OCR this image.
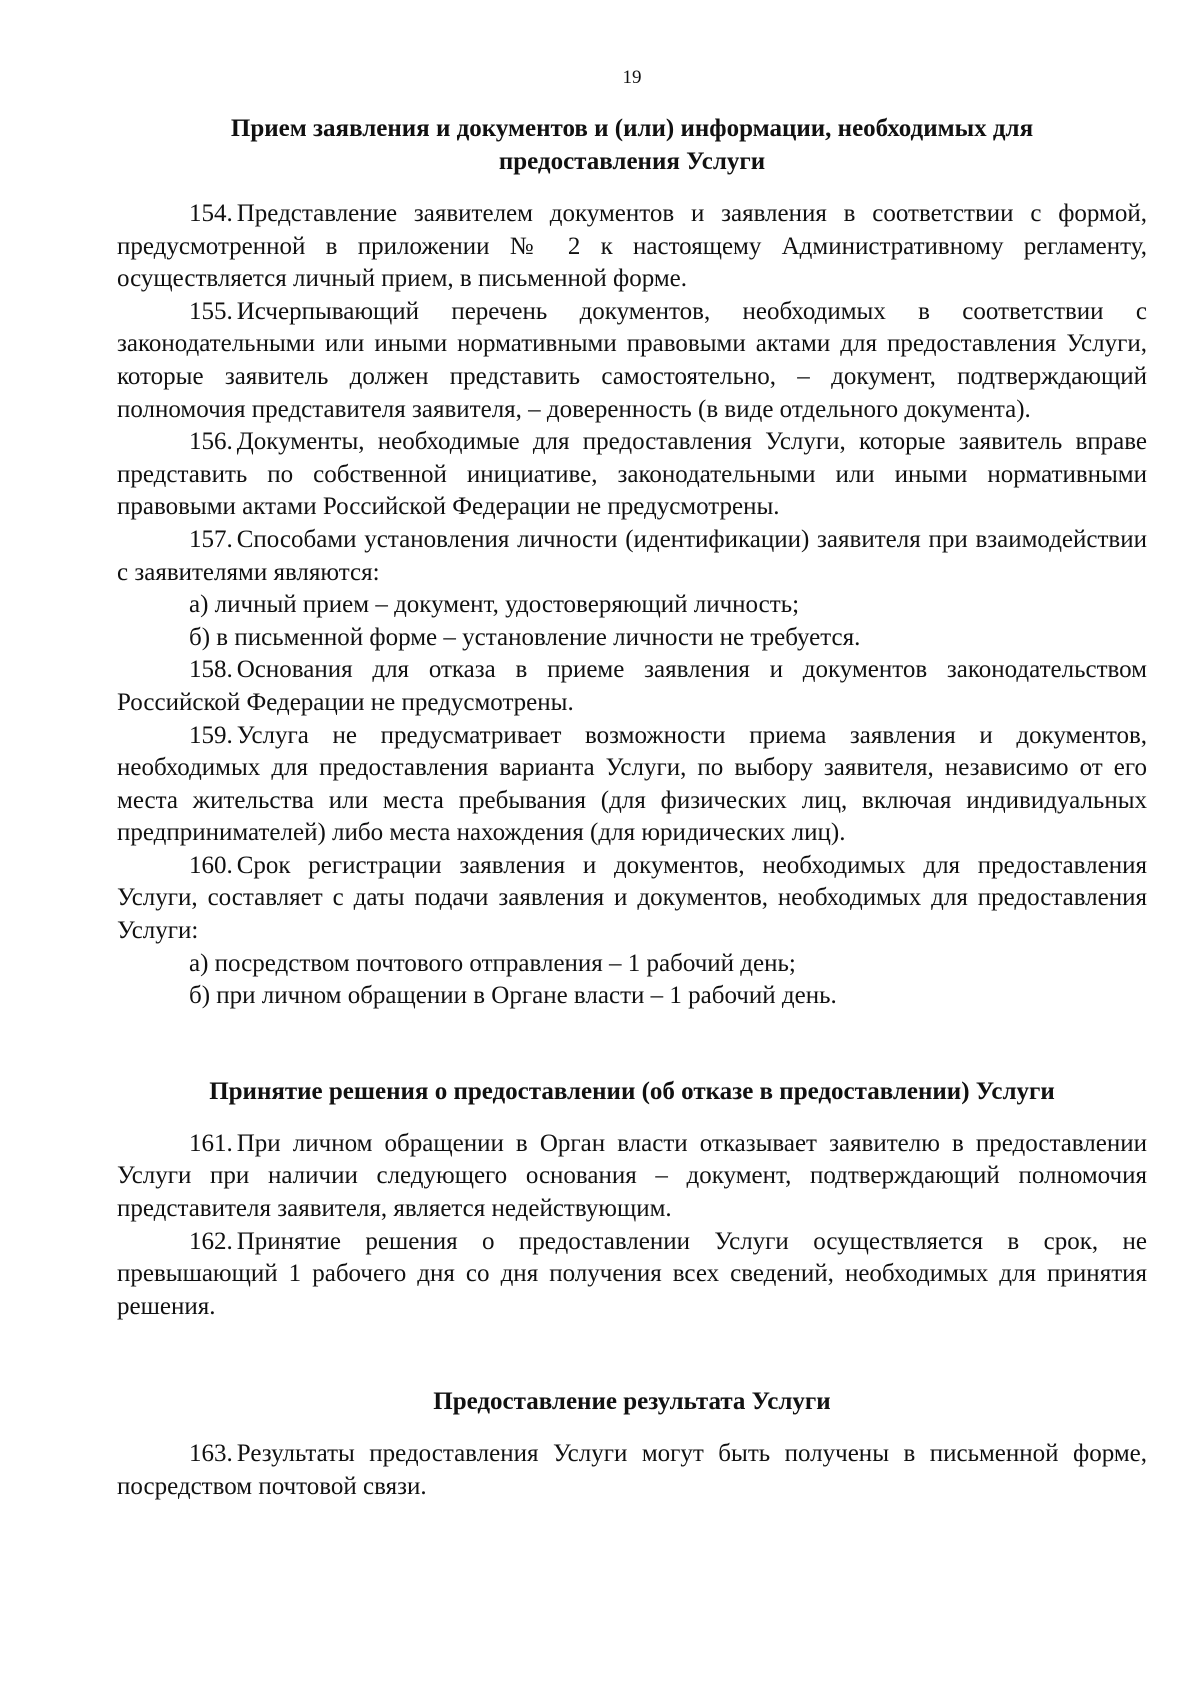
19
Прием заявления и документов и (или) информации, необходимых для
предоставления Услуги

154. Представление заявителем документов и заявления в соответствии с формой, предусмотренной в приложении № 2 к настоящему Административному регламенту, осуществляется личный прием, в письменной форме.

155. Исчерпывающий перечень документов, необходимых в соответствии с законодательными или иными нормативными правовыми актами для предоставления Услуги, которые заявитель должен представить самостоятельно, – документ, подтверждающий полномочия представителя заявителя, – доверенность (в виде отдельного документа).

156. Документы, необходимые для предоставления Услуги, которые заявитель вправе представить по собственной инициативе, законодательными или иными нормативными правовыми актами Российской Федерации не предусмотрены.

157. Способами установления личности (идентификации) заявителя при взаимодействии с заявителями являются:

а) личный прием – документ, удостоверяющий личность;

б) в письменной форме – установление личности не требуется.

158. Основания для отказа в приеме заявления и документов законодательством Российской Федерации не предусмотрены.

159. Услуга не предусматривает возможности приема заявления и документов, необходимых для предоставления варианта Услуги, по выбору заявителя, независимо от его места жительства или места пребывания (для физических лиц, включая индивидуальных предпринимателей) либо места нахождения (для юридических лиц).

160. Срок регистрации заявления и документов, необходимых для предоставления Услуги, составляет с даты подачи заявления и документов, необходимых для предоставления Услуги:

а) посредством почтового отправления – 1 рабочий день;

б) при личном обращении в Органе власти – 1 рабочий день.

Принятие решения о предоставлении (об отказе в предоставлении) Услуги

161. При личном обращении в Орган власти отказывает заявителю в предоставлении Услуги при наличии следующего основания – документ, подтверждающий полномочия представителя заявителя, является недействующим.

162. Принятие решения о предоставлении Услуги осуществляется в срок, не превышающий 1 рабочего дня со дня получения всех сведений, необходимых для принятия решения.

Предоставление результата Услуги

163. Результаты предоставления Услуги могут быть получены в письменной форме, посредством почтовой связи.
